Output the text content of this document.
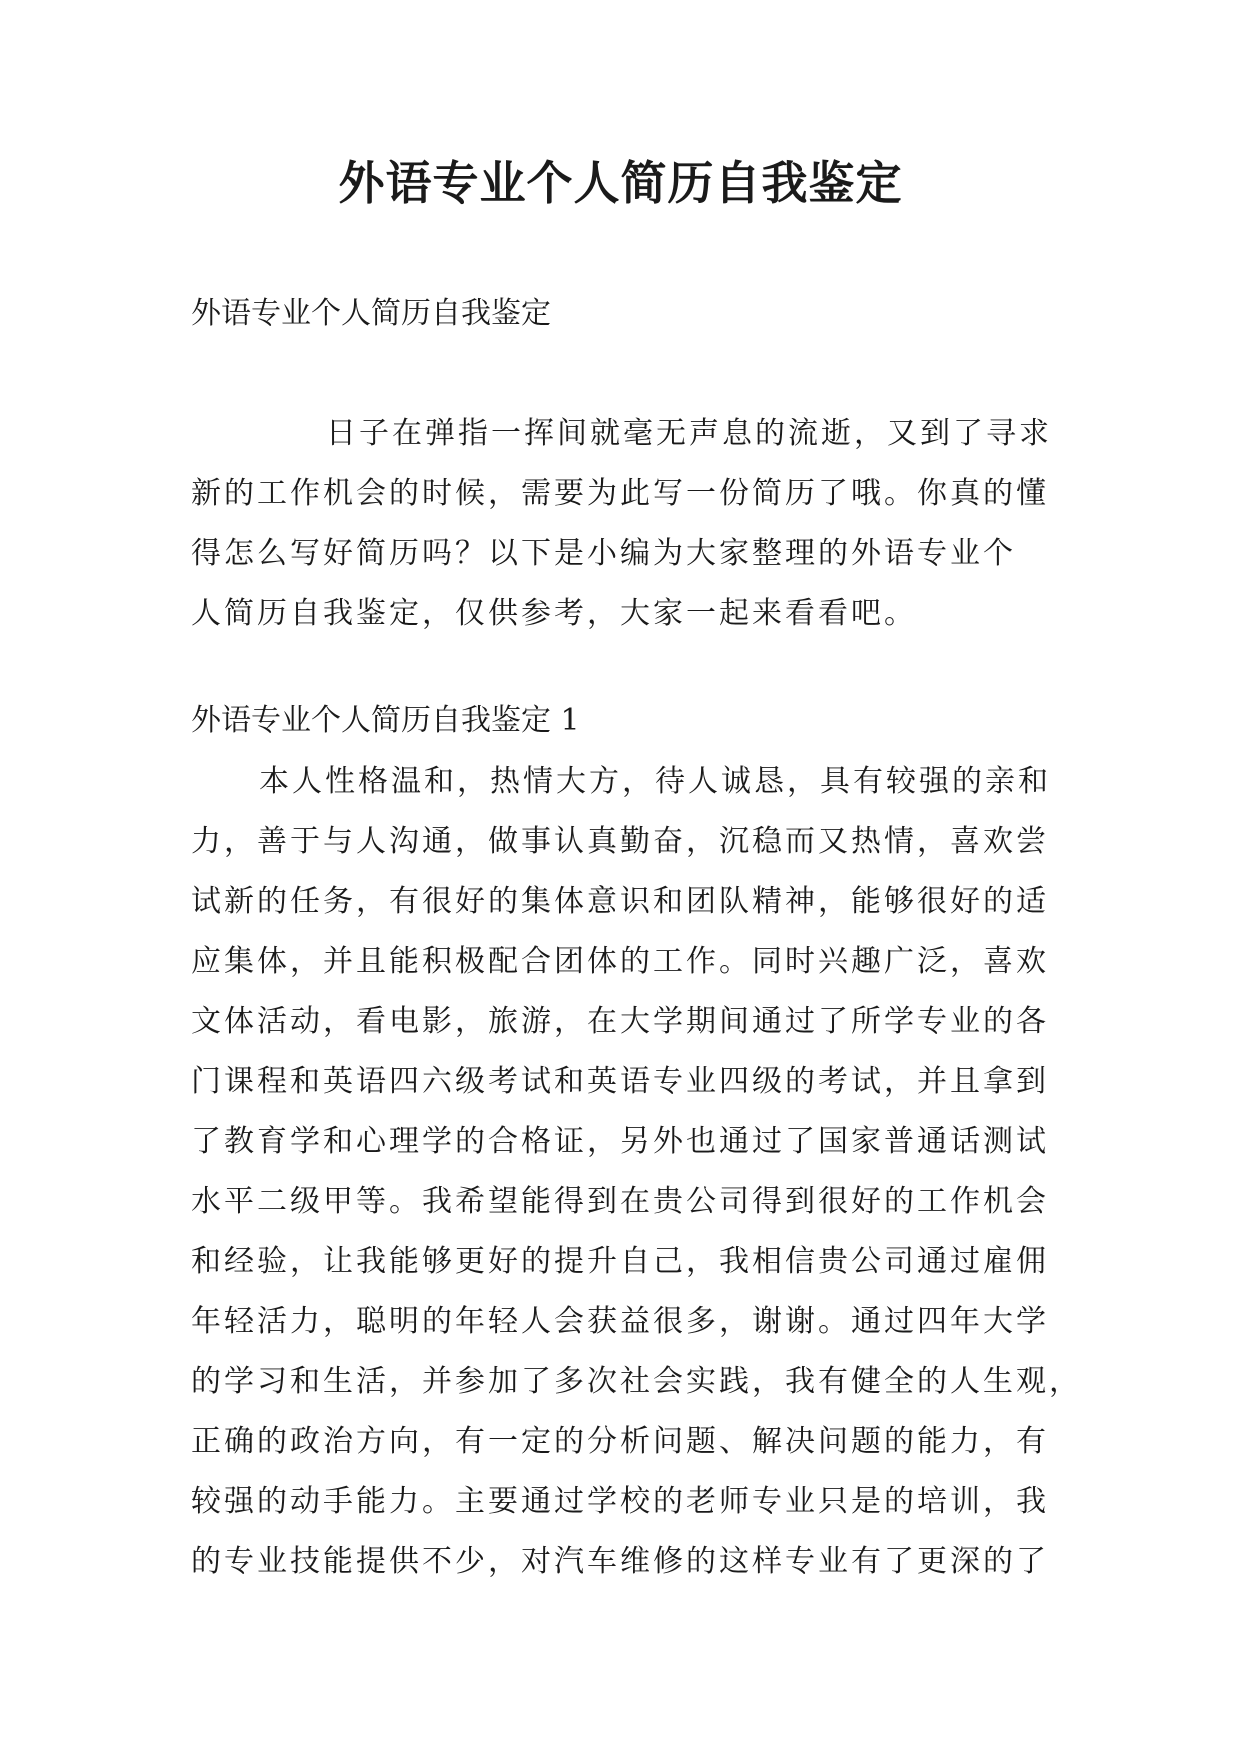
外语专业个人简历自我鉴定

外语专业个人简历自我鉴定

日子在弹指一挥间就毫无声息的流逝，又到了寻求
新的工作机会的时候，需要为此写一份简历了哦。你真的懂
得怎么写好简历吗？以下是小编为大家整理的外语专业个
人简历自我鉴定，仅供参考，大家一起来看看吧。

外语专业个人简历自我鉴定 1

本人性格温和，热情大方，待人诚恳，具有较强的亲和
力，善于与人沟通，做事认真勤奋，沉稳而又热情，喜欢尝
试新的任务，有很好的集体意识和团队精神，能够很好的适
应集体，并且能积极配合团体的工作。同时兴趣广泛，喜欢
文体活动，看电影，旅游，在大学期间通过了所学专业的各
门课程和英语四六级考试和英语专业四级的考试，并且拿到
了教育学和心理学的合格证，另外也通过了国家普通话测试
水平二级甲等。我希望能得到在贵公司得到很好的工作机会
和经验，让我能够更好的提升自己，我相信贵公司通过雇佣
年轻活力，聪明的年轻人会获益很多，谢谢。通过四年大学
的学习和生活，并参加了多次社会实践，我有健全的人生观，
正确的政治方向，有一定的分析问题、解决问题的能力，有
较强的动手能力。主要通过学校的老师专业只是的培训，我
的专业技能提供不少，对汽车维修的这样专业有了更深的了
